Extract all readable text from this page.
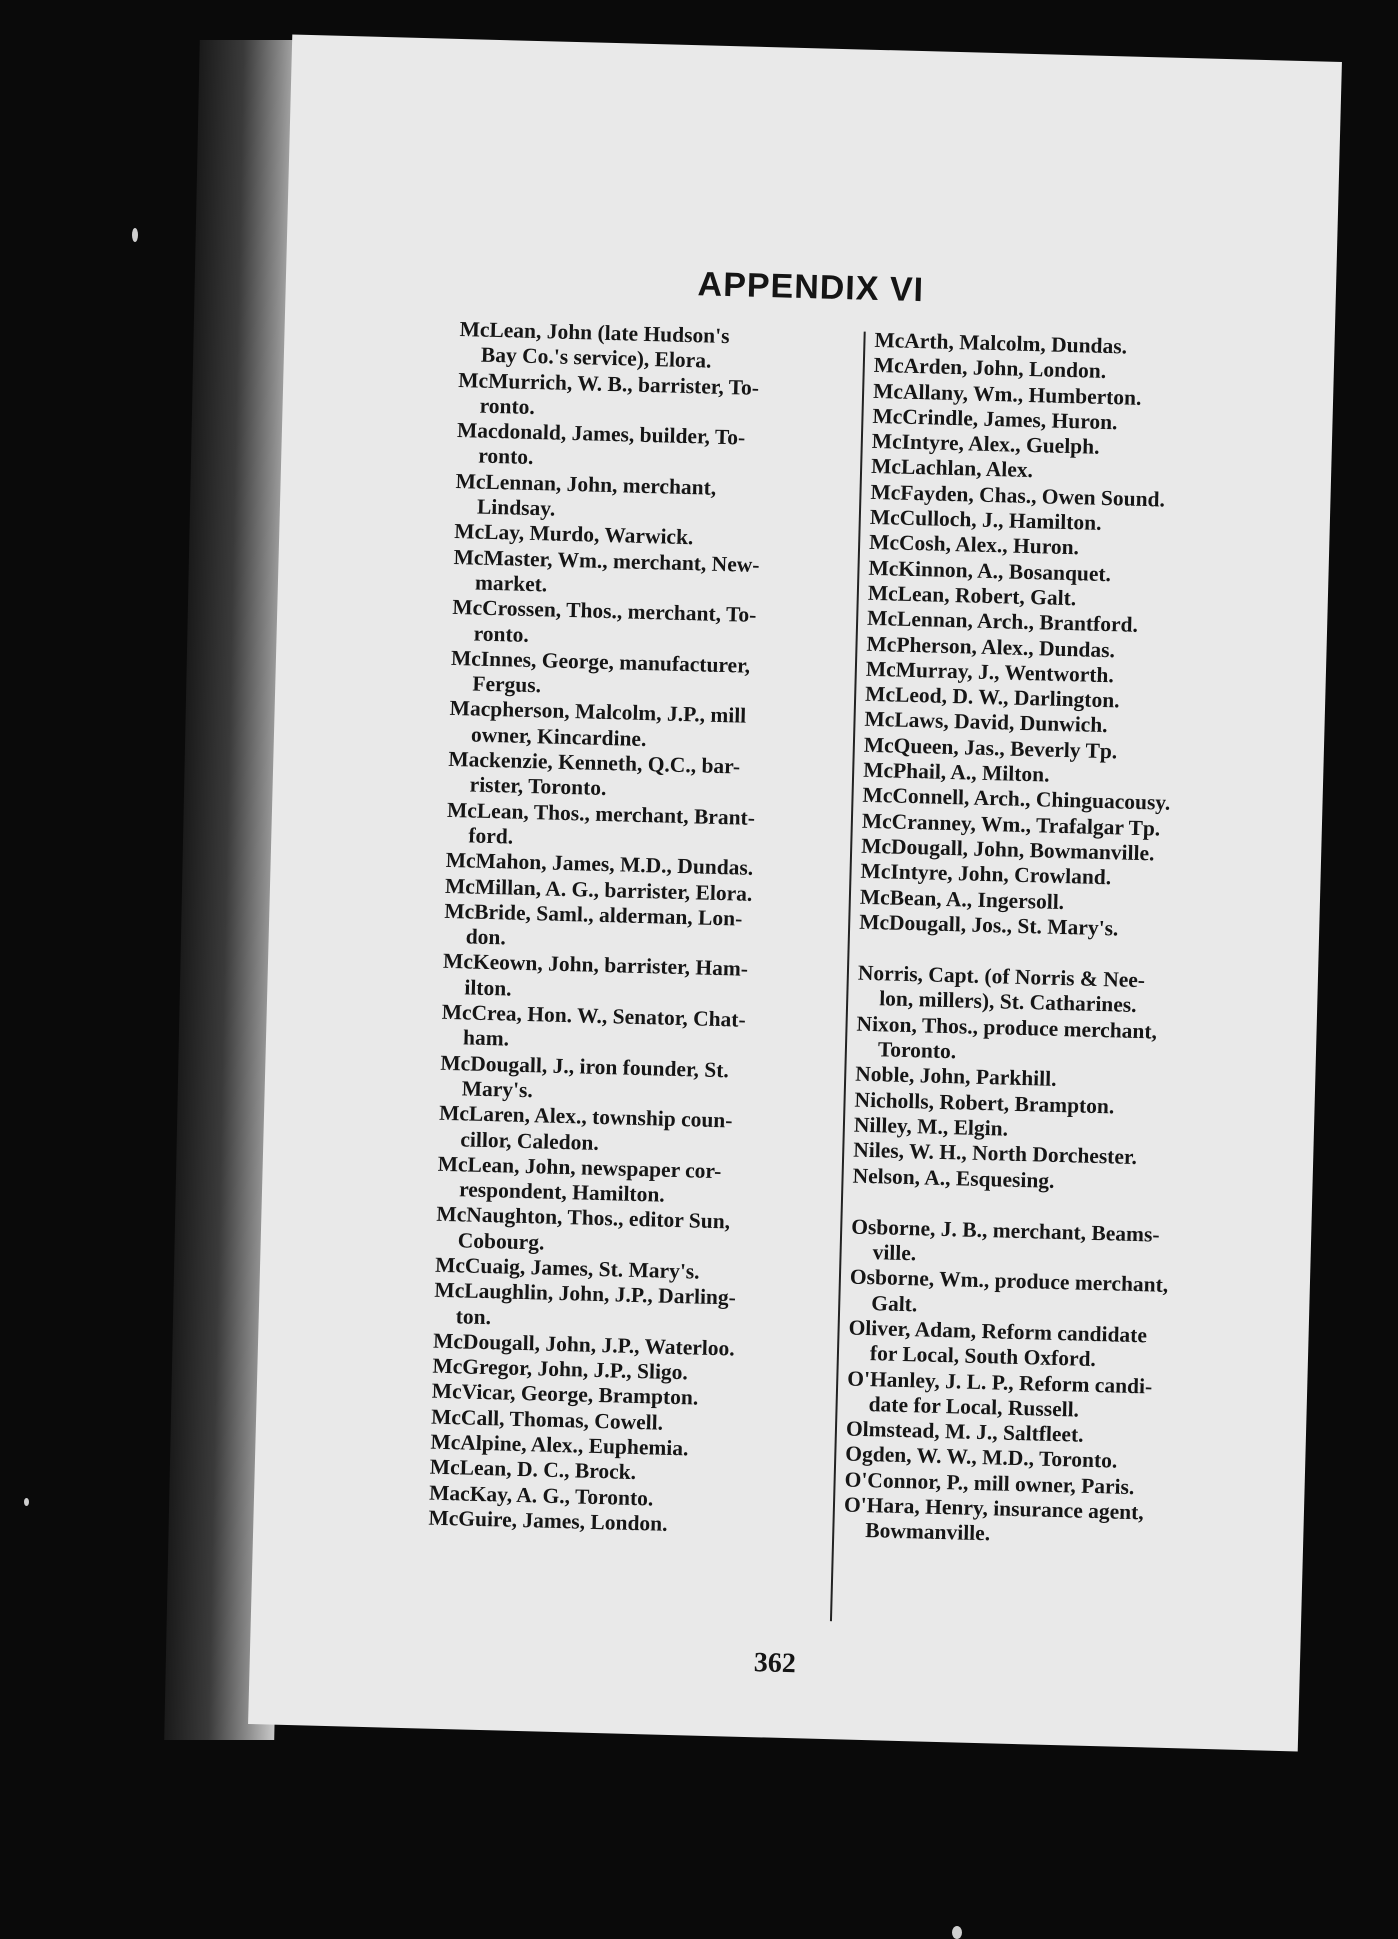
APPENDIX VI
McLean, John (late Hudson's
Bay Co.'s service), Elora.
McMurrich, W. B., barrister, To-
ronto.
Macdonald, James, builder, To-
ronto.
McLennan, John, merchant,
Lindsay.
McLay, Murdo, Warwick.
McMaster, Wm., merchant, New-
market.
McCrossen, Thos., merchant, To-
ronto.
McInnes, George, manufacturer,
Fergus.
Macpherson, Malcolm, J.P., mill
owner, Kincardine.
Mackenzie, Kenneth, Q.C., bar-
rister, Toronto.
McLean, Thos., merchant, Brant-
ford.
McMahon, James, M.D., Dundas.
McMillan, A. G., barrister, Elora.
McBride, Saml., alderman, Lon-
don.
McKeown, John, barrister, Ham-
ilton.
McCrea, Hon. W., Senator, Chat-
ham.
McDougall, J., iron founder, St.
Mary's.
McLaren, Alex., township coun-
cillor, Caledon.
McLean, John, newspaper cor-
respondent, Hamilton.
McNaughton, Thos., editor Sun,
Cobourg.
McCuaig, James, St. Mary's.
McLaughlin, John, J.P., Darling-
ton.
McDougall, John, J.P., Waterloo.
McGregor, John, J.P., Sligo.
McVicar, George, Brampton.
McCall, Thomas, Cowell.
McAlpine, Alex., Euphemia.
McLean, D. C., Brock.
MacKay, A. G., Toronto.
McGuire, James, London.
McArth, Malcolm, Dundas.
McArden, John, London.
McAllany, Wm., Humberton.
McCrindle, James, Huron.
McIntyre, Alex., Guelph.
McLachlan, Alex.
McFayden, Chas., Owen Sound.
McCulloch, J., Hamilton.
McCosh, Alex., Huron.
McKinnon, A., Bosanquet.
McLean, Robert, Galt.
McLennan, Arch., Brantford.
McPherson, Alex., Dundas.
McMurray, J., Wentworth.
McLeod, D. W., Darlington.
McLaws, David, Dunwich.
McQueen, Jas., Beverly Tp.
McPhail, A., Milton.
McConnell, Arch., Chinguacousy.
McCranney, Wm., Trafalgar Tp.
McDougall, John, Bowmanville.
McIntyre, John, Crowland.
McBean, A., Ingersoll.
McDougall, Jos., St. Mary's.
Norris, Capt. (of Norris & Nee-
lon, millers), St. Catharines.
Nixon, Thos., produce merchant,
Toronto.
Noble, John, Parkhill.
Nicholls, Robert, Brampton.
Nilley, M., Elgin.
Niles, W. H., North Dorchester.
Nelson, A., Esquesing.
Osborne, J. B., merchant, Beams-
ville.
Osborne, Wm., produce merchant,
Galt.
Oliver, Adam, Reform candidate
for Local, South Oxford.
O'Hanley, J. L. P., Reform candi-
date for Local, Russell.
Olmstead, M. J., Saltfleet.
Ogden, W. W., M.D., Toronto.
O'Connor, P., mill owner, Paris.
O'Hara, Henry, insurance agent,
Bowmanville.
362
